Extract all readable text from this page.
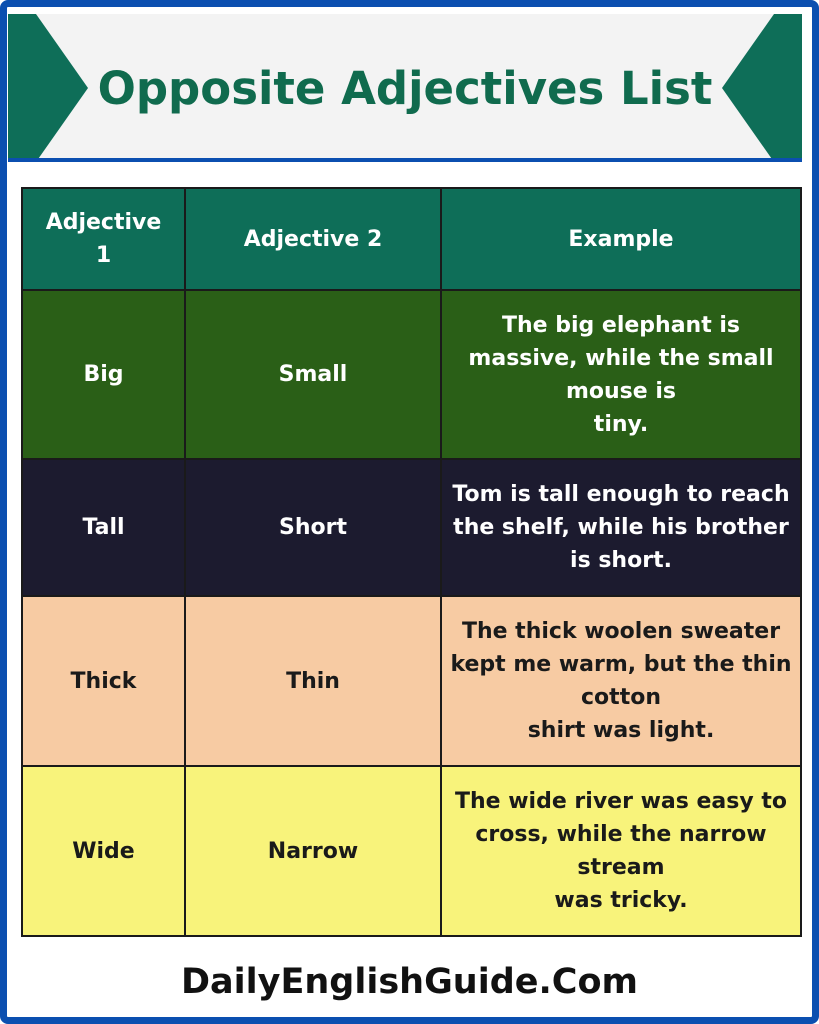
Opposite Adjectives List
Adjective
1	Adjective 2	Example
Big	Small	The big elephant is
massive, while the small
mouse is
tiny.
Tall	Short	Tom is tall enough to reach
the shelf, while his brother
is short.
Thick	Thin	The thick woolen sweater
kept me warm, but the thin
cotton
shirt was light.
Wide	Narrow	The wide river was easy to
cross, while the narrow
stream
was tricky.
DailyEnglishGuide.Com
